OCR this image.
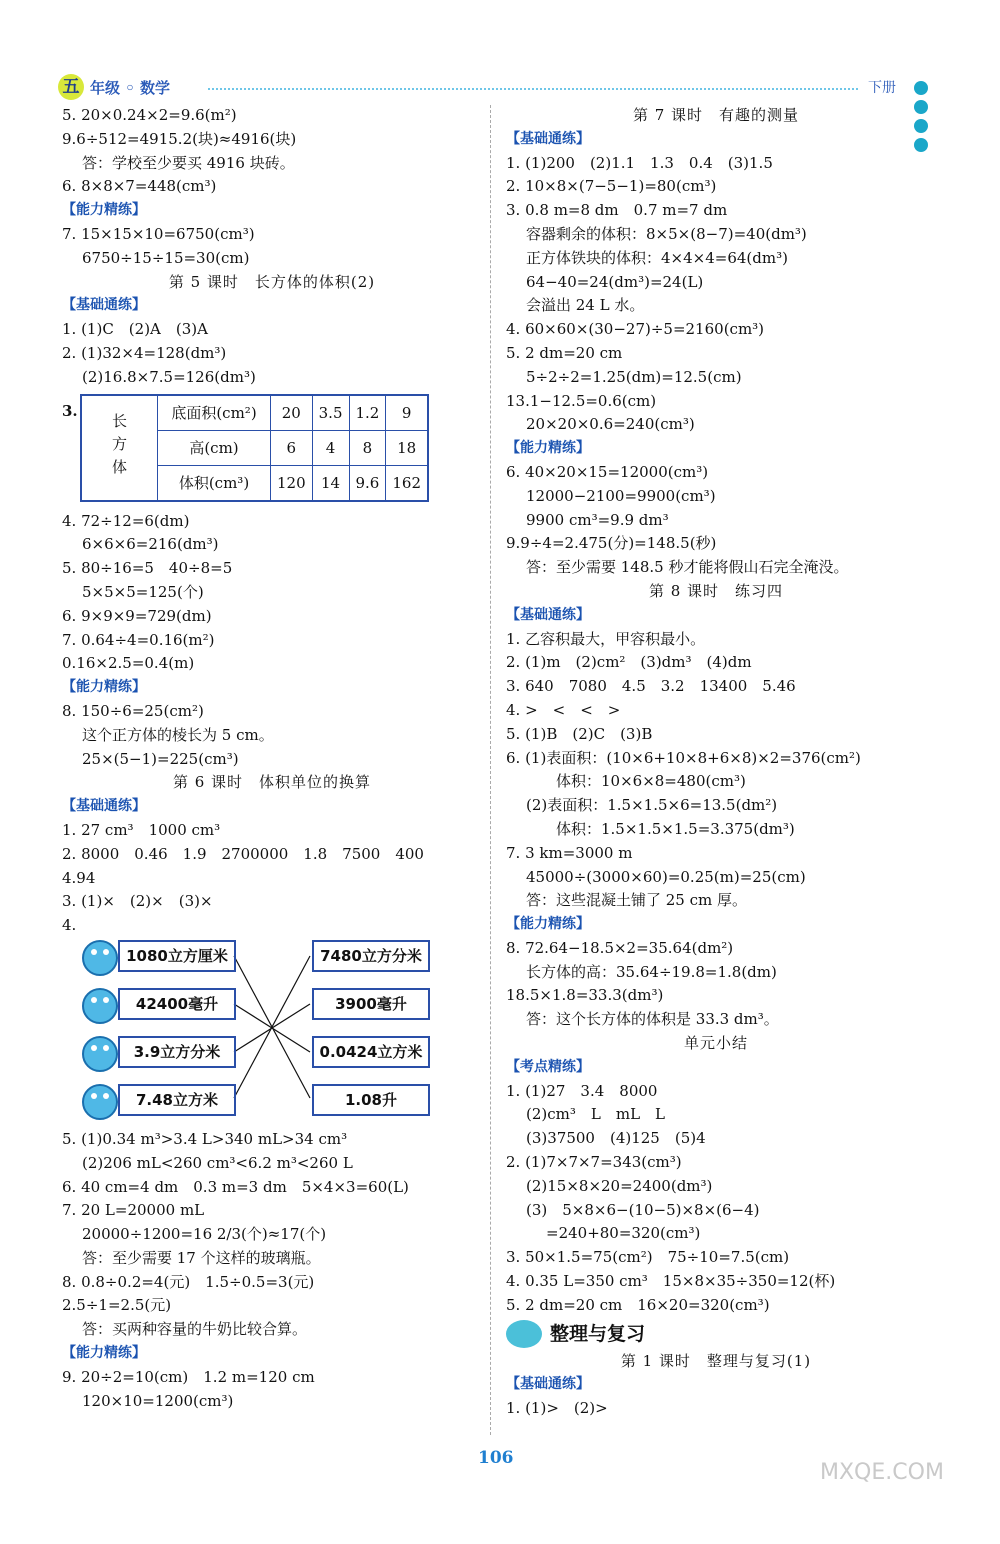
五 年级 ◦ 数学	下册
5. 20×0.24×2=9.6(m²)
9.6÷512=4915.2(块)≈4916(块)
答：学校至少要买 4916 块砖。
6. 8×8×7=448(cm³)
【能力精练】
7. 15×15×10=6750(cm³)
6750÷15÷15=30(cm)
第 5 课时　长方体的体积(2)
【基础通练】
1. (1)C　(2)A　(3)A
2. (1)32×4=128(dm³)
(2)16.8×7.5=126(dm³)
3.
长方体	底面积(cm²)	20	3.5	1.2	9
	高(cm)	6	4	8	18
	体积(cm³)	120	14	9.6	162
4. 72÷12=6(dm)
6×6×6=216(dm³)
5. 80÷16=5　40÷8=5
5×5×5=125(个)
6. 9×9×9=729(dm)
7. 0.64÷4=0.16(m²)
0.16×2.5=0.4(m)
【能力精练】
8. 150÷6=25(cm²)
这个正方体的棱长为 5 cm。
25×(5−1)=225(cm³)
第 6 课时　体积单位的换算
【基础通练】
1. 27 cm³　1000 cm³
2. 8000　0.46　1.9　2700000　1.8　7500　400
4.94
3. (1)×　(2)×　(3)×
4.
1080立方厘米
42400毫升
3.9立方分米
7.48立方米
7480立方分米
3900毫升
0.0424立方米
1.08升
5. (1)0.34 m³>3.4 L>340 mL>34 cm³
(2)206 mL<260 cm³<6.2 m³<260 L
6. 40 cm=4 dm　0.3 m=3 dm　5×4×3=60(L)
7. 20 L=20000 mL
20000÷1200=16 2/3(个)≈17(个)
答：至少需要 17 个这样的玻璃瓶。
8. 0.8÷0.2=4(元)　1.5÷0.5=3(元)
2.5÷1=2.5(元)
答：买两种容量的牛奶比较合算。
【能力精练】
9. 20÷2=10(cm)　1.2 m=120 cm
120×10=1200(cm³)
第 7 课时　有趣的测量
【基础通练】
1. (1)200　(2)1.1　1.3　0.4　(3)1.5
2. 10×8×(7−5−1)=80(cm³)
3. 0.8 m=8 dm　0.7 m=7 dm
容器剩余的体积：8×5×(8−7)=40(dm³)
正方体铁块的体积：4×4×4=64(dm³)
64−40=24(dm³)=24(L)
会溢出 24 L 水。
4. 60×60×(30−27)÷5=2160(cm³)
5. 2 dm=20 cm
5÷2÷2=1.25(dm)=12.5(cm)
13.1−12.5=0.6(cm)
20×20×0.6=240(cm³)
【能力精练】
6. 40×20×15=12000(cm³)
12000−2100=9900(cm³)
9900 cm³=9.9 dm³
9.9÷4=2.475(分)=148.5(秒)
答：至少需要 148.5 秒才能将假山石完全淹没。
第 8 课时　练习四
【基础通练】
1. 乙容积最大，甲容积最小。
2. (1)m　(2)cm²　(3)dm³　(4)dm
3. 640　7080　4.5　3.2　13400　5.46
4. >　<　<　>
5. (1)B　(2)C　(3)B
6. (1)表面积：(10×6+10×8+6×8)×2=376(cm²)
体积：10×6×8=480(cm³)
(2)表面积：1.5×1.5×6=13.5(dm²)
体积：1.5×1.5×1.5=3.375(dm³)
7. 3 km=3000 m
45000÷(3000×60)=0.25(m)=25(cm)
答：这些混凝土铺了 25 cm 厚。
【能力精练】
8. 72.64−18.5×2=35.64(dm²)
长方体的高：35.64÷19.8=1.8(dm)
18.5×1.8=33.3(dm³)
答：这个长方体的体积是 33.3 dm³。
单元小结
【考点精练】
1. (1)27　3.4　8000
(2)cm³　L　mL　L
(3)37500　(4)125　(5)4
2. (1)7×7×7=343(cm³)
(2)15×8×20=2400(dm³)
(3)　5×8×6−(10−5)×8×(6−4)
=240+80=320(cm³)
3. 50×1.5=75(cm²)　75÷10=7.5(cm)
4. 0.35 L=350 cm³　15×8×35÷350=12(杯)
5. 2 dm=20 cm　16×20=320(cm³)
整理与复习
第 1 课时　整理与复习(1)
【基础通练】
1. (1)>　(2)>
106
MXQE.COM
